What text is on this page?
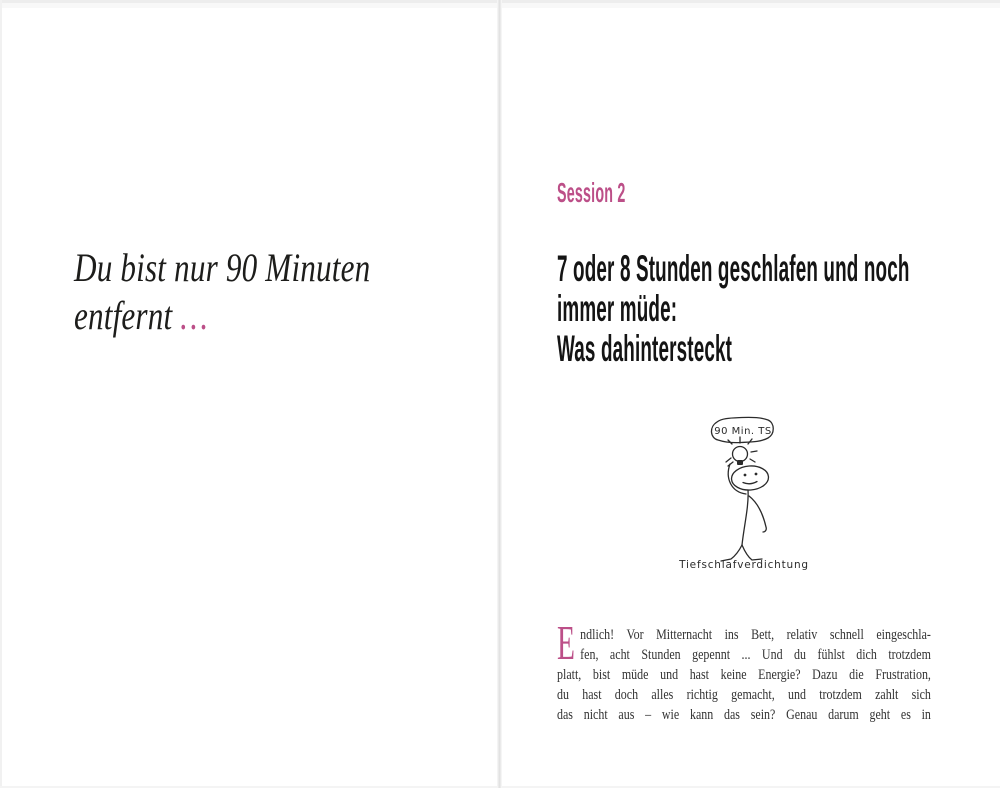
Du bist nur 90 Minuten
entfernt ...
Session 2
7 oder 8 Stunden geschlafen und noch
immer müde:
Was dahintersteckt
90 Min. TS
Tiefschlafverdichtung
E ndlich! Vor Mitternacht ins Bett, relativ schnell eingeschla-
fen, acht Stunden gepennt ... Und du fühlst dich trotzdem
platt, bist müde und hast keine Energie? Dazu die Frustration,
du hast doch alles richtig gemacht, und trotzdem zahlt sich
das nicht aus – wie kann das sein? Genau darum geht es in
